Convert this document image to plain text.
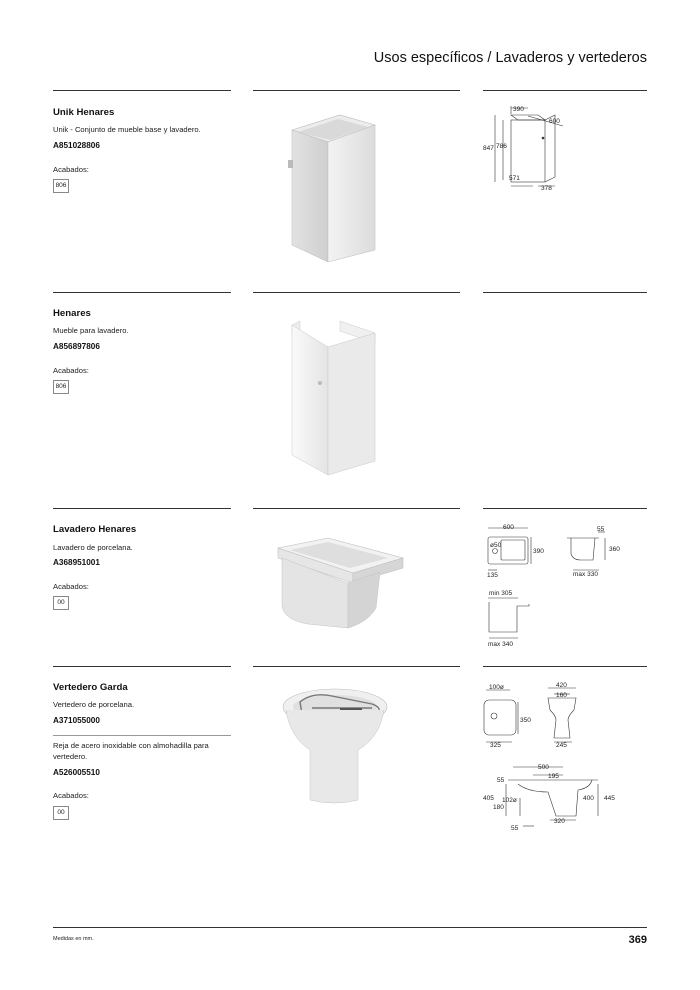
Usos específicos / Lavaderos y vertederos
Unik Henares
Unik - Conjunto de mueble base y lavadero.
A851028806
Acabados:
806
390
600
847 786
571
378
Henares
Mueble para lavadero.
A856897806
Acabados:
806
Lavadero Henares
Lavadero de porcelana.
A368951001
Acabados:
00
600
ø50
390
135
55
360
max 330
min 305
max 340
Vertedero Garda
Vertedero de porcelana.
A371055000
Reja de acero inoxidable con almohadilla para vertedero.
A526005510
Acabados:
00
100ø
350
325
420
160
245
500
195
55
405 102ø
180
400 445
320
55
Medidas en mm.	369
